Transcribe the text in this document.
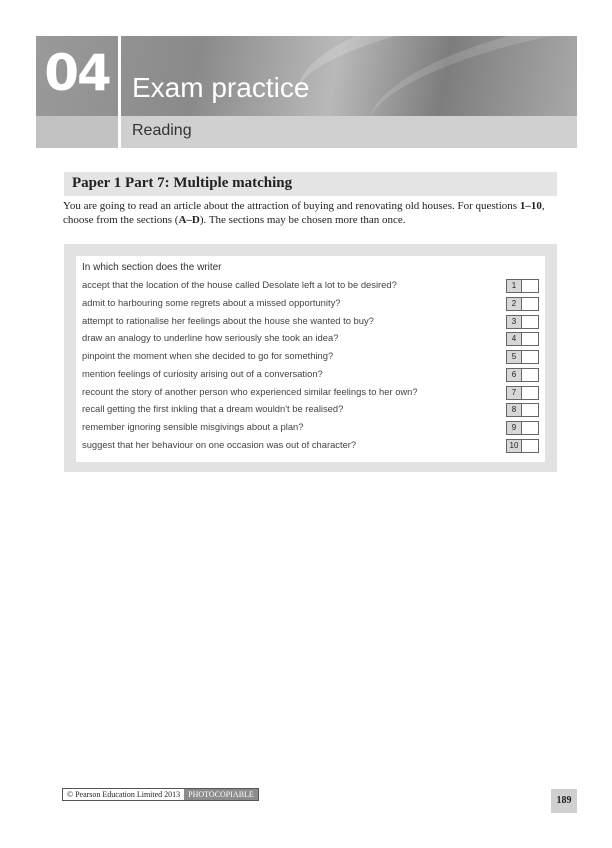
04 Exam practice
Reading
Paper 1 Part 7: Multiple matching
You are going to read an article about the attraction of buying and renovating old houses. For questions 1–10, choose from the sections (A–D). The sections may be chosen more than once.
In which section does the writer
accept that the location of the house called Desolate left a lot to be desired?	1
admit to harbouring some regrets about a missed opportunity?	2
attempt to rationalise her feelings about the house she wanted to buy?	3
draw an analogy to underline how seriously she took an idea?	4
pinpoint the moment when she decided to go for something?	5
mention feelings of curiosity arising out of a conversation?	6
recount the story of another person who experienced similar feelings to her own?	7
recall getting the first inkling that a dream wouldn't be realised?	8
remember ignoring sensible misgivings about a plan?	9
suggest that her behaviour on one occasion was out of character?	10
© Pearson Education Limited 2013	PHOTOCOPIABLE
189
